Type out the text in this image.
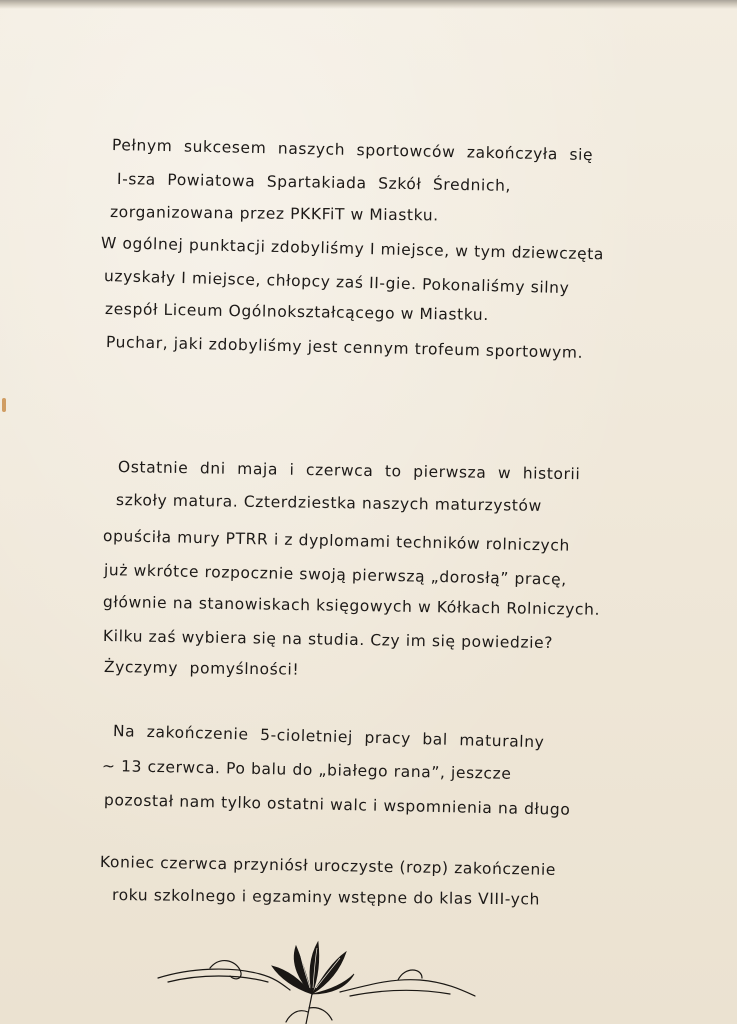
Pełnym sukcesem naszych sportowców zakończyła się

I-sza Powiatowa Spartakiada Szkół Średnich,

zorganizowana przez PKKFiT w Miastku.

W ogólnej punktacji zdobyliśmy I miejsce, w tym dziewczęta

uzyskały I miejsce, chłopcy zaś II-gie. Pokonaliśmy silny

zespół Liceum Ogólnokształcącego w Miastku.

Puchar, jaki zdobyliśmy jest cennym trofeum sportowym.

Ostatnie dni maja i czerwca to pierwsza w historii

szkoły matura. Czterdziestka naszych maturzystów

opuściła mury PTRR i z dyplomami techników rolniczych

już wkrótce rozpocznie swoją pierwszą „dorosłą” pracę,

głównie na stanowiskach księgowych w Kółkach Rolniczych.

Kilku zaś wybiera się na studia. Czy im się powiedzie?

Życzymy pomyślności!

Na zakończenie 5-cioletniej pracy bal maturalny

~ 13 czerwca. Po balu do „białego rana”, jeszcze

pozostał nam tylko ostatni walc i wspomnienia na długo

Koniec czerwca przyniósł uroczyste (rozp) zakończenie

roku szkolnego i egzaminy wstępne do klas VIII-ych
